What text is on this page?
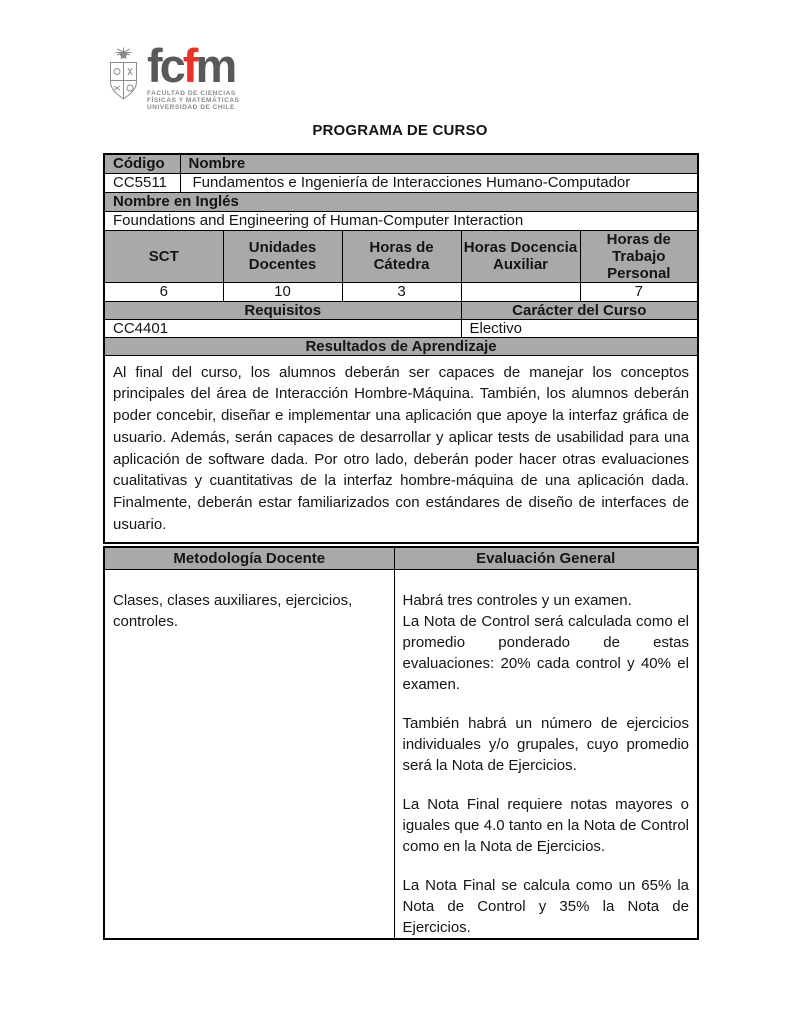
fcfm
FACULTAD DE CIENCIAS
FÍSICAS Y MATEMÁTICAS
UNIVERSIDAD DE CHILE
PROGRAMA DE CURSO
Código	Nombre				
CC5511	Fundamentos e Ingeniería de Interacciones Humano-Computador				
Nombre en Inglés					
Foundations and Engineering of Human-Computer Interaction					
SCT		Unidades Docentes	Horas de Cátedra	Horas Docencia Auxiliar	Horas de Trabajo Personal
6		10	3		7
Requisitos				Carácter del Curso	
CC4401				Electivo	
Resultados de Aprendizaje					

Al final del curso, los alumnos deberán ser capaces de manejar los conceptos principales del área de Interacción Hombre-Máquina. También, los alumnos deberán poder concebir, diseñar e implementar una aplicación que apoye la interfaz gráfica de usuario. Además, serán capaces de desarrollar y aplicar tests de usabilidad para una aplicación de software dada. Por otro lado, deberán poder hacer otras evaluaciones cualitativas y cuantitativas de la interfaz hombre-máquina de una aplicación dada. Finalmente, deberán estar familiarizados con estándares de diseño de interfaces de usuario.					

Metodología Docente	Evaluación General

Clases, clases auxiliares, ejercicios, controles.	Habrá tres controles y un examen.

La Nota de Control será calculada como el promedio ponderado de estas evaluaciones: 20% cada control y 40% el examen.

También habrá un número de ejercicios individuales y/o grupales, cuyo promedio será la Nota de Ejercicios.

La Nota Final requiere notas mayores o iguales que 4.0 tanto en la Nota de Control como en la Nota de Ejercicios.

La Nota Final se calcula como un 65% la Nota de Control y 35% la Nota de Ejercicios.
